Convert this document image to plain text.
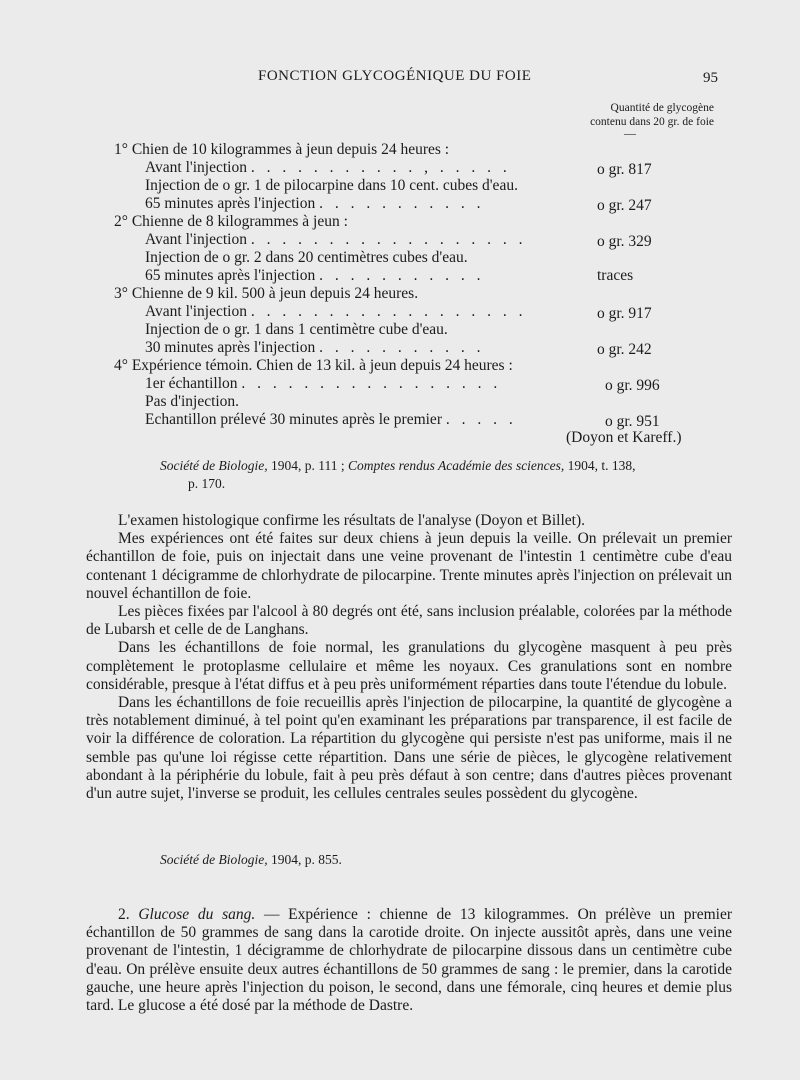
FONCTION GLYCOGÉNIQUE DU FOIE	95
Quantité de glycogène
contenu dans 20 gr. de foie
—
1° Chien de 10 kilogrammes à jeun depuis 24 heures :
Avant l'injection . . . . . . . . . . . , . . . . .	o gr. 817
Injection de o gr. 1 de pilocarpine dans 10 cent. cubes d'eau.
65 minutes après l'injection . . . . . . . . . . .	o gr. 247
2° Chienne de 8 kilogrammes à jeun :
Avant l'injection . . . . . . . . . . . . . . . . . .	o gr. 329
Injection de o gr. 2 dans 20 centimètres cubes d'eau.
65 minutes après l'injection . . . . . . . . . . .	traces
3° Chienne de 9 kil. 500 à jeun depuis 24 heures.
Avant l'injection . . . . . . . . . . . . . . . . . .	o gr. 917
Injection de o gr. 1 dans 1 centimètre cube d'eau.
30 minutes après l'injection . . . . . . . . . . .	o gr. 242
4° Expérience témoin. Chien de 13 kil. à jeun depuis 24 heures :
1er échantillon . . . . . . . . . . . . . . . . .	o gr. 996
Pas d'injection.
Echantillon prélevé 30 minutes après le premier . . . . .	o gr. 951
(Doyon et Kareff.)
Société de Biologie, 1904, p. 111 ; Comptes rendus Académie des sciences, 1904, t. 138,
p. 170.

L'examen histologique confirme les résultats de l'analyse (Doyon et Billet).

Mes expériences ont été faites sur deux chiens à jeun depuis la veille. On prélevait un premier échantillon de foie, puis on injectait dans une veine provenant de l'intestin 1 centimètre cube d'eau contenant 1 décigramme de chlorhydrate de pilocarpine. Trente minutes après l'injection on prélevait un nouvel échantillon de foie.

Les pièces fixées par l'alcool à 80 degrés ont été, sans inclusion préalable, colorées par la méthode de Lubarsh et celle de de Langhans.

Dans les échantillons de foie normal, les granulations du glycogène masquent à peu près complètement le protoplasme cellulaire et même les noyaux. Ces granulations sont en nombre considérable, presque à l'état diffus et à peu près uniformément réparties dans toute l'étendue du lobule.

Dans les échantillons de foie recueillis après l'injection de pilocarpine, la quantité de glycogène a très notablement diminué, à tel point qu'en examinant les préparations par transparence, il est facile de voir la différence de coloration. La répartition du glycogène qui persiste n'est pas uniforme, mais il ne semble pas qu'une loi régisse cette répartition. Dans une série de pièces, le glycogène relativement abondant à la périphérie du lobule, fait à peu près défaut à son centre; dans d'autres pièces provenant d'un autre sujet, l'inverse se produit, les cellules centrales seules possèdent du glycogène.

Société de Biologie, 1904, p. 855.

2. Glucose du sang. — Expérience : chienne de 13 kilogrammes. On prélève un premier échantillon de 50 grammes de sang dans la carotide droite. On injecte aussitôt après, dans une veine provenant de l'intestin, 1 décigramme de chlorhydrate de pilocarpine dissous dans un centimètre cube d'eau. On prélève ensuite deux autres échantillons de 50 grammes de sang : le premier, dans la carotide gauche, une heure après l'injection du poison, le second, dans une fémorale, cinq heures et demie plus tard. Le glucose a été dosé par la méthode de Dastre.
